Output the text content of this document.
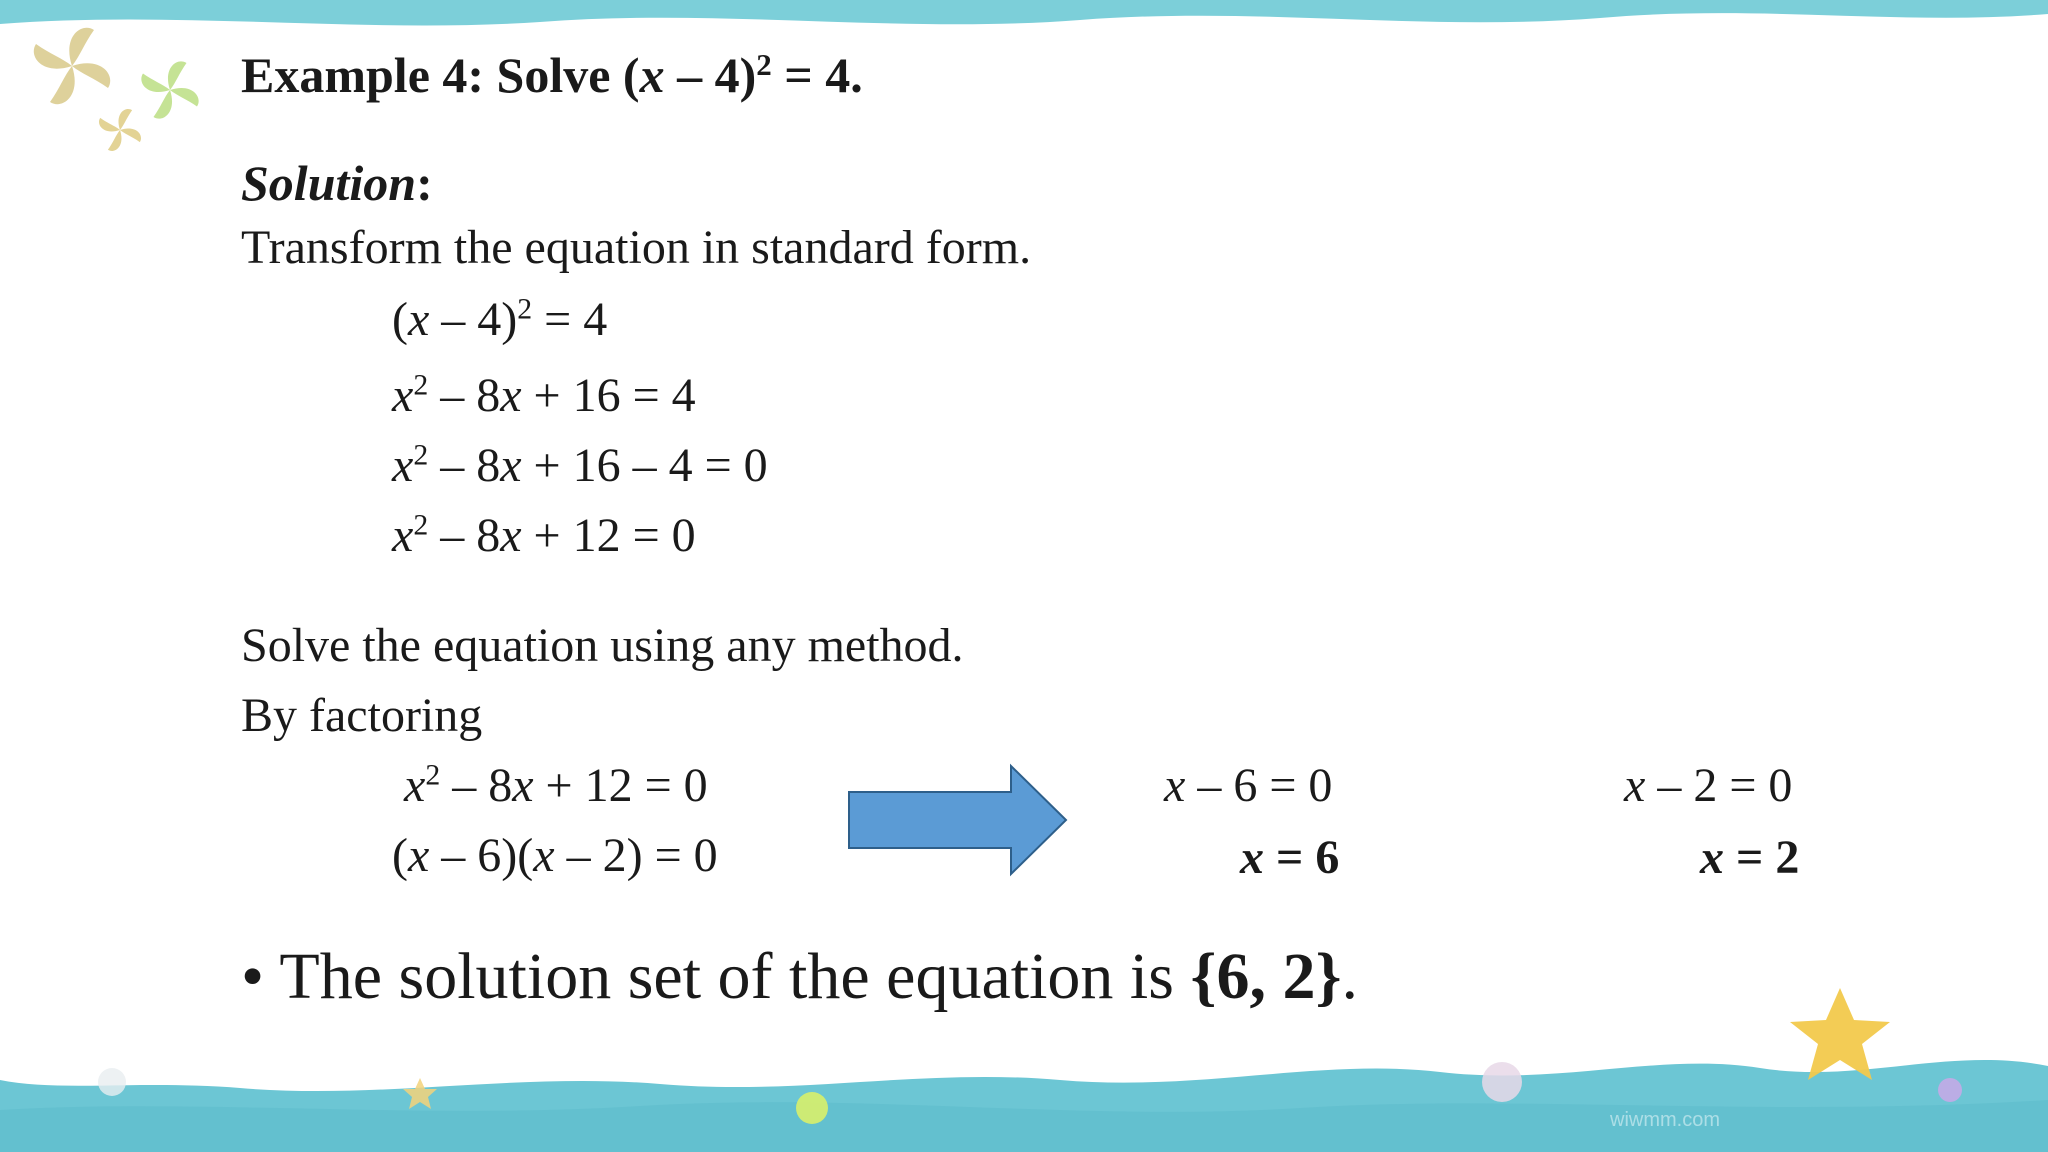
wiwmm.com
Example 4: Solve (x – 4)$^2$ = 4.
Solution:
Transform the equation in standard form.
(x – 4)$^2$ = 4
$x^2 - 8x + 16 = 4$
$x^2 - 8x + 16 - 4 = 0$
$x^2 - 8x + 12 = 0$
Solve the equation using any method.
By factoring
$x^2 - 8x + 12 = 0$
(x – 6)(x – 2) = 0
x – 6 = 0
x = 6
x – 2 = 0
x = 2
• The solution set of the equation is {6, 2}.
